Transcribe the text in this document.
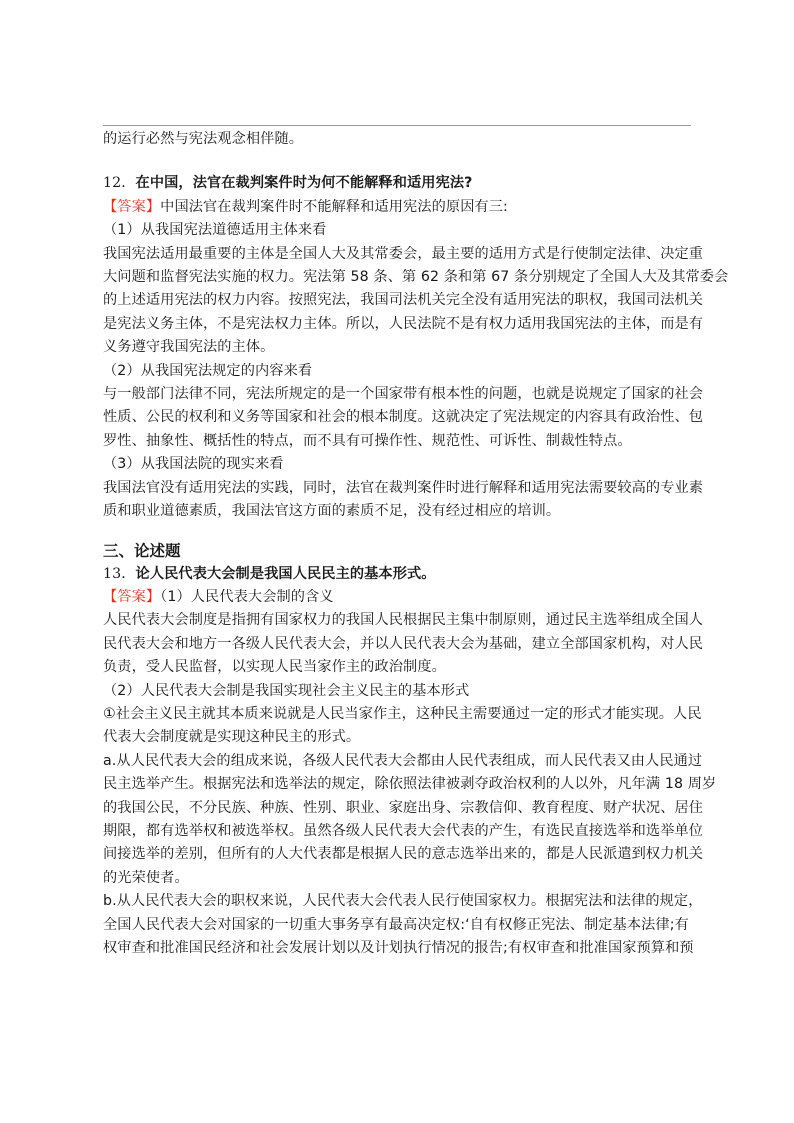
的运行必然与宪法观念相伴随。
12．在中国，法官在裁判案件时为何不能解释和适用宪法?
【答案】中国法官在裁判案件时不能解释和适用宪法的原因有三:
（1）从我国宪法道德适用主体来看
我国宪法适用最重要的主体是全国人大及其常委会，最主要的适用方式是行使制定法律、决定重
大问题和监督宪法实施的权力。宪法第 58 条、第 62 条和第 67 条分别规定了全国人大及其常委会
的上述适用宪法的权力内容。按照宪法，我国司法机关完全没有适用宪法的职权，我国司法机关
是宪法义务主体，不是宪法权力主体。所以，人民法院不是有权力适用我国宪法的主体，而是有
义务遵守我国宪法的主体。
（2）从我国宪法规定的内容来看
与一般部门法律不同，宪法所规定的是一个国家带有根本性的问题，也就是说规定了国家的社会
性质、公民的权利和义务等国家和社会的根本制度。这就决定了宪法规定的内容具有政治性、包
罗性、抽象性、概括性的特点，而不具有可操作性、规范性、可诉性、制裁性特点。
（3）从我国法院的现实来看
我国法官没有适用宪法的实践，同时，法官在裁判案件时进行解释和适用宪法需要较高的专业素
质和职业道德素质，我国法官这方面的素质不足，没有经过相应的培训。
三、论述题
13．论人民代表大会制是我国人民民主的基本形式。
【答案】（1）人民代表大会制的含义
人民代表大会制度是指拥有国家权力的我国人民根据民主集中制原则，通过民主选举组成全国人
民代表大会和地方一各级人民代表大会，并以人民代表大会为基础，建立全部国家机构，对人民
负责，受人民监督，以实现人民当家作主的政治制度。
（2）人民代表大会制是我国实现社会主义民主的基本形式
①社会主义民主就其本质来说就是人民当家作主，这种民主需要通过一定的形式才能实现。人民
代表大会制度就是实现这种民主的形式。
a.从人民代表大会的组成来说，各级人民代表大会都由人民代表组成，而人民代表又由人民通过
民主选举产生。根据宪法和选举法的规定，除依照法律被剥夺政治权利的人以外，凡年满 18 周岁
的我国公民，不分民族、种族、性别、职业、家庭出身、宗教信仰、教育程度、财产状况、居住
期限，都有选举权和被选举权。虽然各级人民代表大会代表的产生，有选民直接选举和选举单位
间接选举的差别，但所有的人大代表都是根据人民的意志选举出来的，都是人民派遣到权力机关
的光荣使者。
b.从人民代表大会的职权来说，人民代表大会代表人民行使国家权力。根据宪法和法律的规定，
全国人民代表大会对国家的一切重大事务享有最高决定权:‘自有权修正宪法、制定基本法律;有
权审查和批准国民经济和社会发展计划以及计划执行情况的报告;有权审查和批准国家预算和预
